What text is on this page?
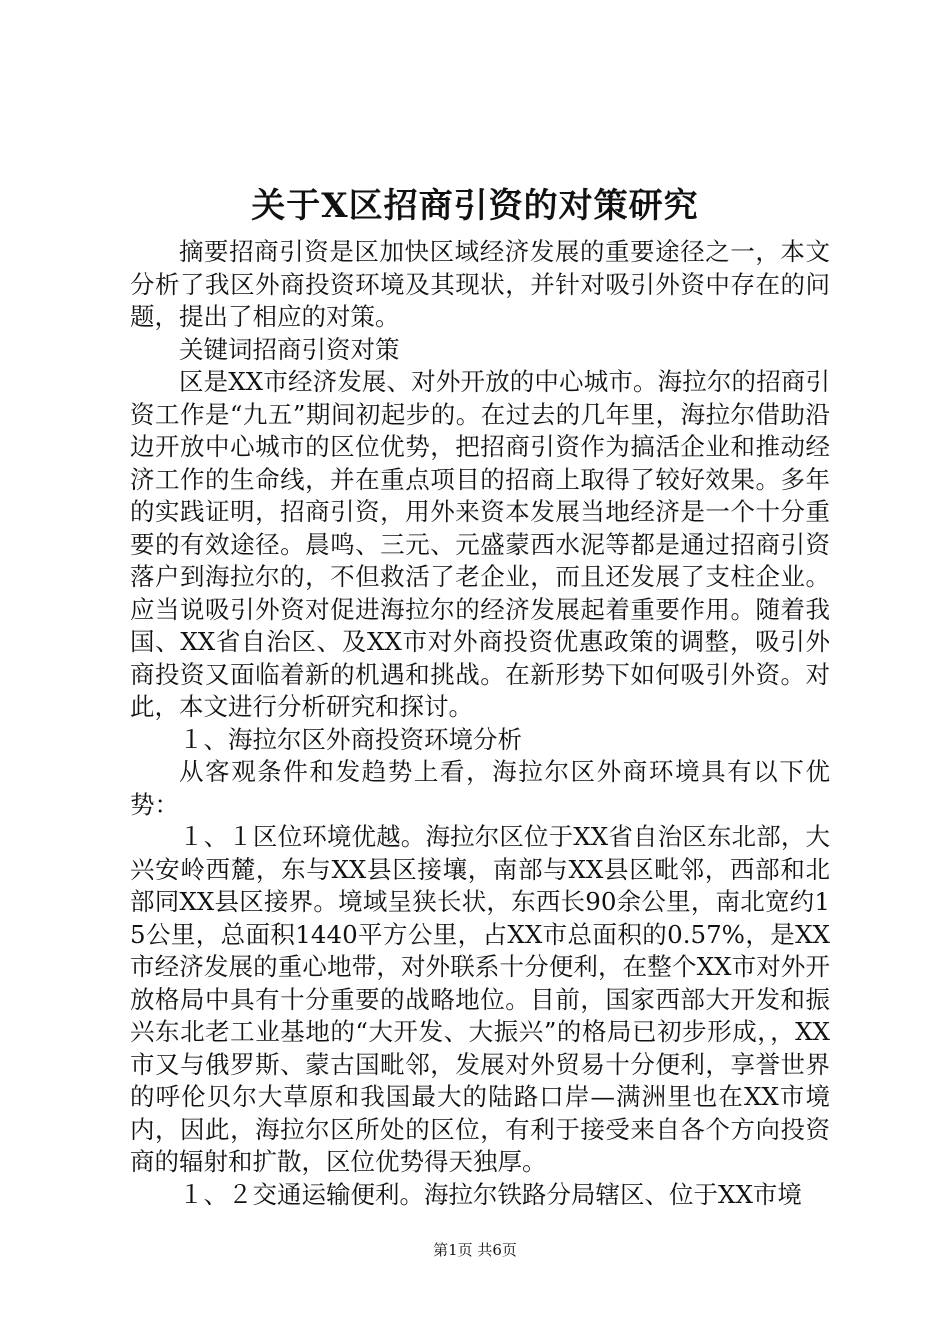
关于X区招商引资的对策研究

摘要招商引资是区加快区域经济发展的重要途径之一，本文分析了我区外商投资环境及其现状，并针对吸引外资中存在的问题，提出了相应的对策。

关键词招商引资对策

区是XX市经济发展、对外开放的中心城市。海拉尔的招商引资工作是“九五”期间初起步的。在过去的几年里，海拉尔借助沿边开放中心城市的区位优势，把招商引资作为搞活企业和推动经济工作的生命线，并在重点项目的招商上取得了较好效果。多年的实践证明，招商引资，用外来资本发展当地经济是一个十分重要的有效途径。晨鸣、三元、元盛蒙西水泥等都是通过招商引资落户到海拉尔的，不但救活了老企业，而且还发展了支柱企业。应当说吸引外资对促进海拉尔的经济发展起着重要作用。随着我国、XX省自治区、及XX市对外商投资优惠政策的调整，吸引外商投资又面临着新的机遇和挑战。在新形势下如何吸引外资。对此，本文进行分析研究和探讨。

１、海拉尔区外商投资环境分析

从客观条件和发趋势上看，海拉尔区外商环境具有以下优势：

１、１区位环境优越。海拉尔区位于XX省自治区东北部，大兴安岭西麓，东与XX县区接壤，南部与XX县区毗邻，西部和北部同XX县区接界。境域呈狭长状，东西长90余公里，南北宽约15公里，总面积1440平方公里，占XX市总面积的0.57%，是XX市经济发展的重心地带，对外联系十分便利，在整个XX市对外开放格局中具有十分重要的战略地位。目前，国家西部大开发和振兴东北老工业基地的“大开发、大振兴”的格局已初步形成，，XX市又与俄罗斯、蒙古国毗邻，发展对外贸易十分便利，享誉世界的呼伦贝尔大草原和我国最大的陆路口岸—满洲里也在XX市境内，因此，海拉尔区所处的区位，有利于接受来自各个方向投资商的辐射和扩散，区位优势得天独厚。

１、２交通运输便利。海拉尔铁路分局辖区、位于XX市境

第1页 共6页
